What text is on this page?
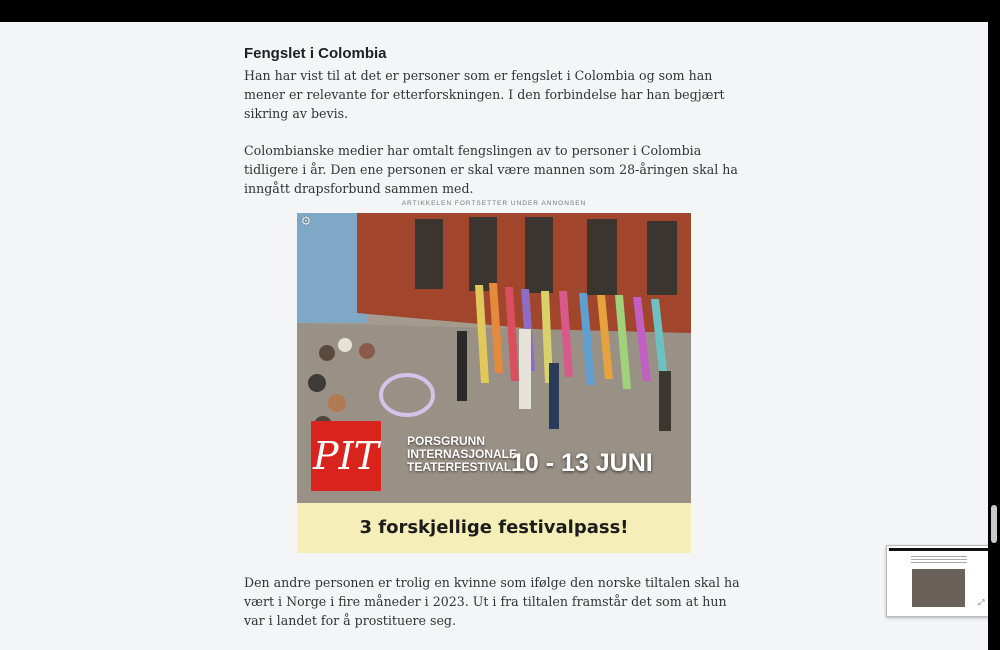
Fengslet i Colombia

Han har vist til at det er personer som er fengslet i Colombia og som han mener er relevante for etterforskningen. I den forbindelse har han begjært sikring av bevis.

Colombianske medier har omtalt fengslingen av to personer i Colombia tidligere i år. Den ene personen er skal være mannen som 28-åringen skal ha inngått drapsforbund sammen med.

ARTIKKELEN FORTSETTER UNDER ANNONSEN
⚙
PIT PORSGRUNN
INTERNASJONALE
TEATERFESTIVAL 10 - 13 JUNI
3 forskjellige festivalpass!

Den andre personen er trolig en kvinne som ifølge den norske tiltalen skal ha vært i Norge i fire måneder i 2023. Ut i fra tiltalen framstår det som at hun var i landet for å prostituere seg.

⤢
